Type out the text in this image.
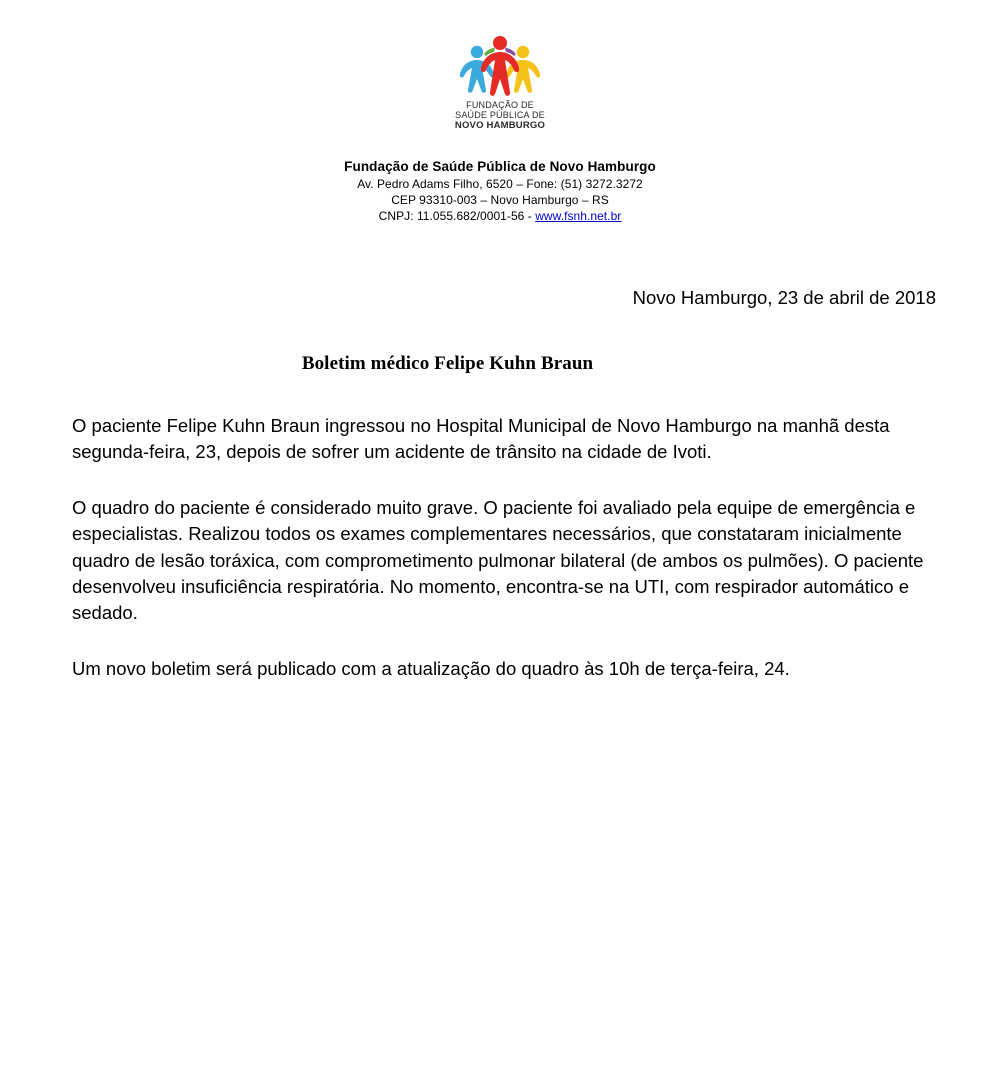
FUNDAÇÃO DE
SAÚDE PÚBLICA DE
NOVO HAMBURGO
Fundação de Saúde Pública de Novo Hamburgo
Av. Pedro Adams Filho, 6520 – Fone: (51) 3272.3272
CEP 93310-003 – Novo Hamburgo – RS
CNPJ: 11.055.682/0001-56 - www.fsnh.net.br
Novo Hamburgo, 23 de abril de 2018
Boletim médico Felipe Kuhn Braun

O paciente Felipe Kuhn Braun ingressou no Hospital Municipal de Novo Hamburgo na manhã desta segunda-feira, 23, depois de sofrer um acidente de trânsito na cidade de Ivoti.

O quadro do paciente é considerado muito grave. O paciente foi avaliado pela equipe de emergência e especialistas. Realizou todos os exames complementares necessários, que constataram inicialmente quadro de lesão toráxica, com comprometimento pulmonar bilateral (de ambos os pulmões). O paciente desenvolveu insuficiência respiratória. No momento, encontra-se na UTI, com respirador automático e sedado.

Um novo boletim será publicado com a atualização do quadro às 10h de terça-feira, 24.
